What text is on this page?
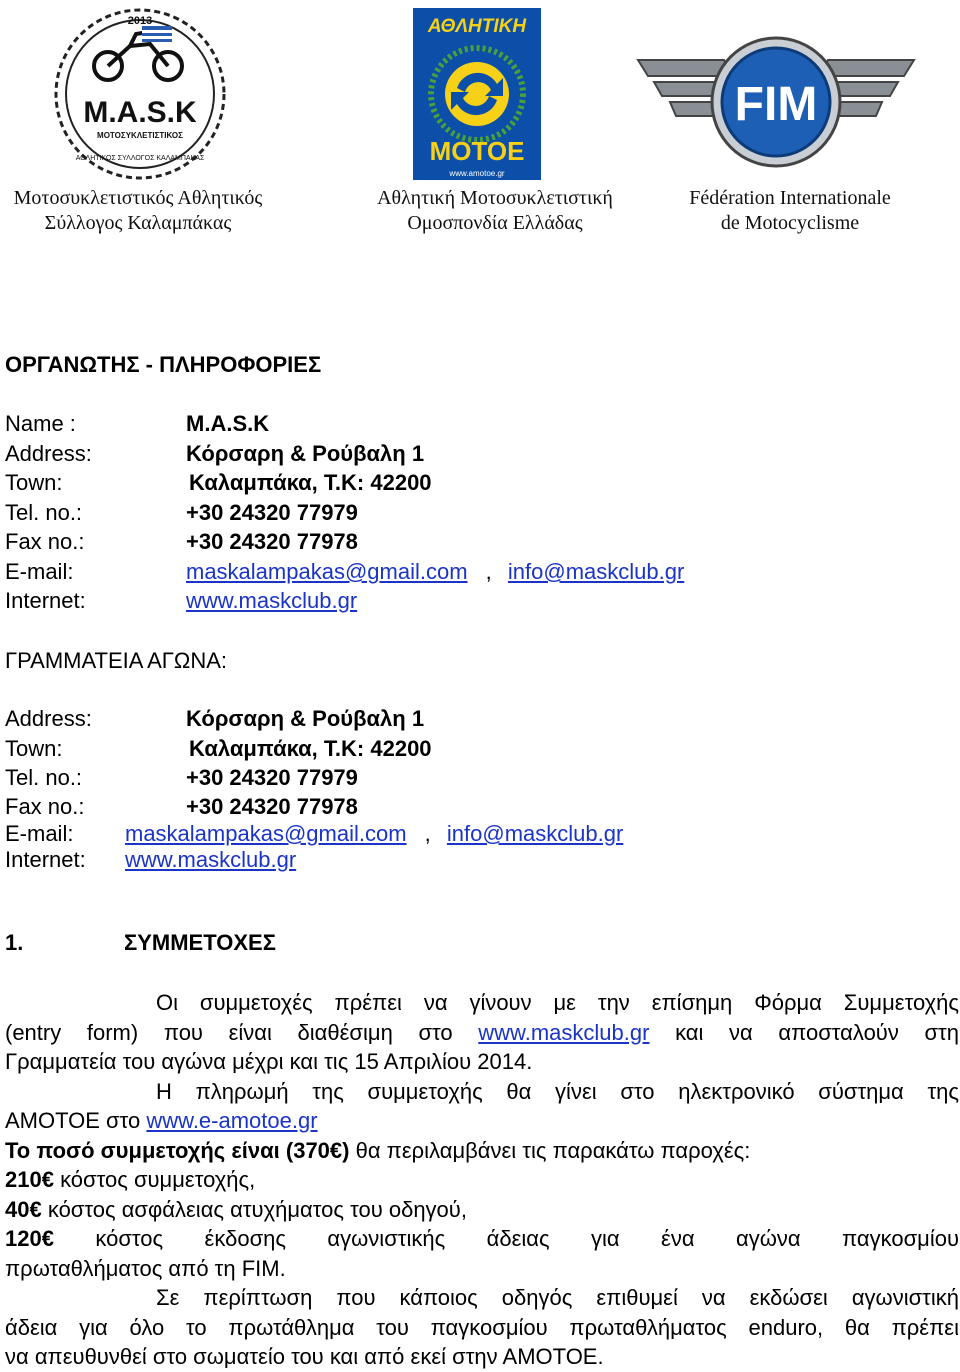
2013
M.A.S.K
ΜΟΤΟΣΥΚΛΕΤΙΣΤΙΚΟΣ
ΑΘΛΗΤΙΚΟΣ ΣΥΛΛΟΓΟΣ ΚΑΛΑΜΠΑΚΑΣ
Μοτοσυκλετιστικός Αθλητικός
Σύλλογος Καλαμπάκας
ΑΘΛΗΤΙΚΗ
ΜΟΤΟΕ
www.amotoe.gr
Αθλητική Μοτοσυκλετιστική
Ομοσπονδία Ελλάδας
FIM
Fédération Internationale
de Motocyclisme
ΟΡΓΑΝΩΤΗΣ - ΠΛΗΡΟΦΟΡΙΕΣ
Name :	M.A.S.K
Address:	Κόρσαρη & Ρούβαλη 1
Town:	Καλαμπάκα, Τ.Κ: 42200
Tel. no.:	+30 24320 77979
Fax no.:	+30 24320 77978
E-mail:	maskalampakas@gmail.com , info@maskclub.gr
Internet:	www.maskclub.gr
ΓΡΑΜΜΑΤΕΙΑ ΑΓΩΝΑ:
Address:	Κόρσαρη & Ρούβαλη 1
Town:	Καλαμπάκα, Τ.Κ: 42200
Tel. no.:	+30 24320 77979
Fax no.:	+30 24320 77978
E-mail: maskalampakas@gmail.com , info@maskclub.gr
Internet: www.maskclub.gr
1.	ΣΥΜΜΕΤΟΧΕΣ
Οι συμμετοχές πρέπει να γίνουν με την επίσημη Φόρμα Συμμετοχής
(entry form) που είναι διαθέσιμη στο www.maskclub.gr και να αποσταλούν στη
Γραμματεία του αγώνα μέχρι και τις 15 Απριλίου 2014.
Η πληρωμή της συμμετοχής θα γίνει στο ηλεκτρονικό σύστημα της
ΑΜΟΤΟΕ στο www.e-amotoe.gr
Το ποσό συμμετοχής είναι (370€) θα περιλαμβάνει τις παρακάτω παροχές:
210€ κόστος συμμετοχής,
40€ κόστος ασφάλειας ατυχήματος του οδηγού,
120€ κόστος έκδοσης αγωνιστικής άδειας για ένα αγώνα παγκοσμίου
πρωταθλήματος από τη FIM.
Σε περίπτωση που κάποιος οδηγός επιθυμεί να εκδώσει αγωνιστική
άδεια για όλο το πρωτάθλημα του παγκοσμίου πρωταθλήματος enduro, θα πρέπει
να απευθυνθεί στο σωματείο του και από εκεί στην ΑΜΟΤΟΕ.
